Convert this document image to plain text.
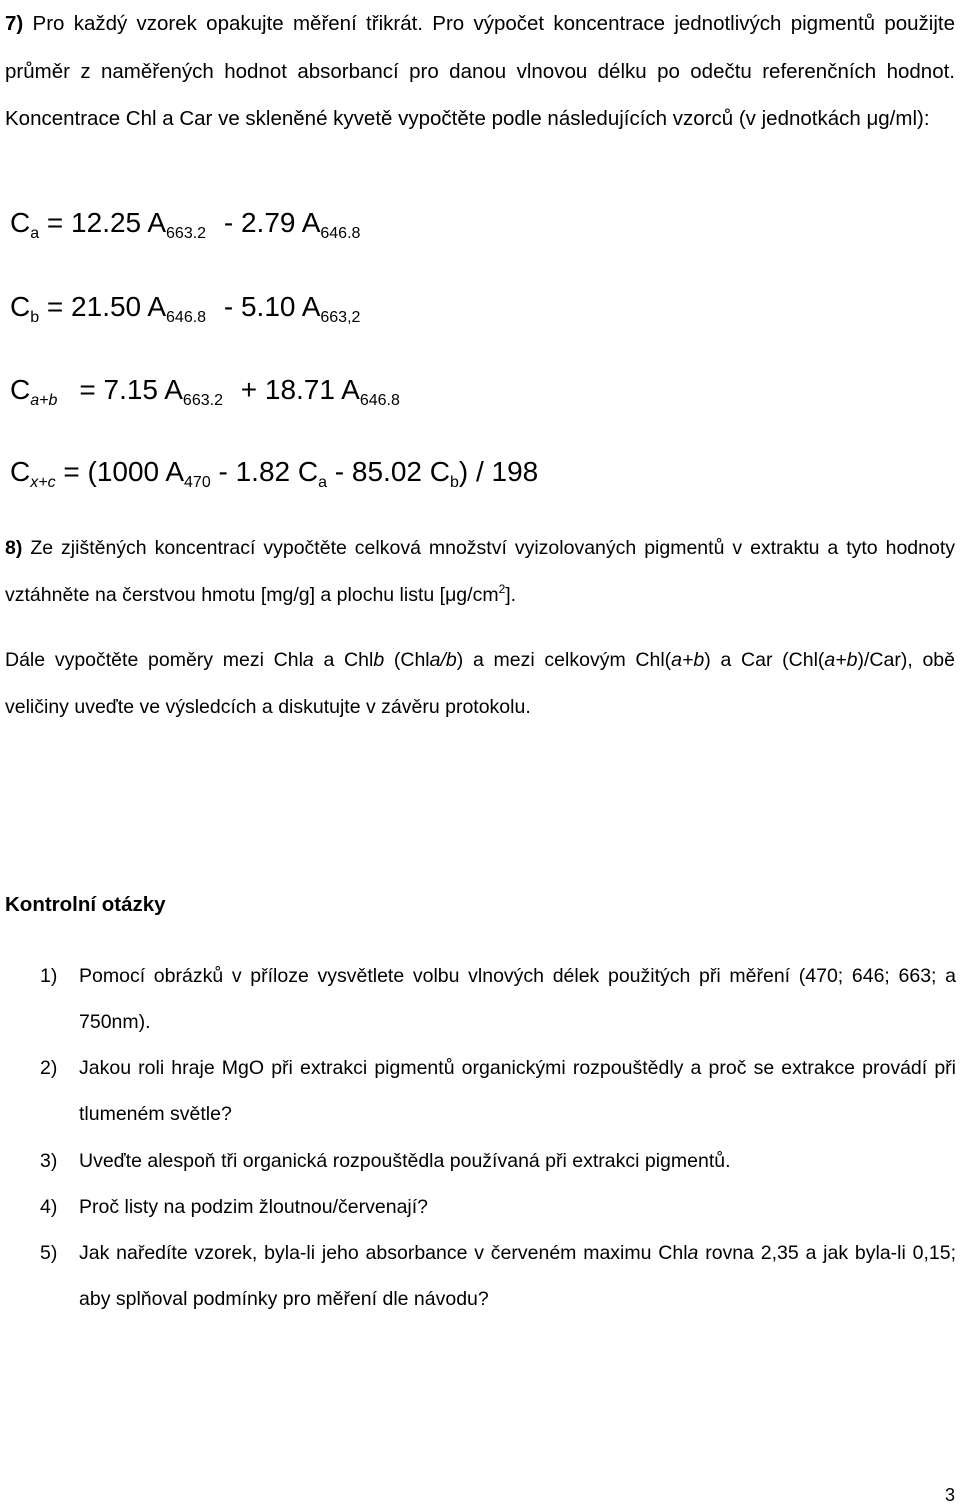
7) Pro každý vzorek opakujte měření třikrát. Pro výpočet koncentrace jednotlivých pigmentů použijte průměr z naměřených hodnot absorbancí pro danou vlnovou délku po odečtu referenčních hodnot. Koncentrace Chl a Car ve skleněné kyvetě vypočtěte podle následujících vzorců (v jednotkách μg/ml):

$C_a = 12.25$ $A_{663.2} - 2.79$ $A_{646.8}$
$C_b = 21.50$ $A_{646.8} - 5.10$ $A_{663,2}$
$C_{a+b} = 7.15$ $A_{663.2} + 18.71$ $A_{646.8}$
$C_{x+c} = (1000$ $A_{470} - 1.82$ $C_a - 85.02$ $C_b) / 198$

8) Ze zjištěných koncentrací vypočtěte celková množství vyizolovaných pigmentů v extraktu a tyto hodnoty vztáhněte na čerstvou hmotu [mg/g] a plochu listu $[\mu g/cm^2]$.

Dále vypočtěte poměry mezi Chla a Chlb (Chla/b) a mezi celkovým Chl(a+b) a Car (Chl(a+b)/Car), obě veličiny uveďte ve výsledcích a diskutujte v závěru protokolu.

Kontrolní otázky
1) Pomocí obrázků v příloze vysvětlete volbu vlnových délek použitých při měření (470; 646; 663; a 750nm).
2) Jakou roli hraje MgO při extrakci pigmentů organickými rozpouštědly a proč se extrakce provádí při tlumeném světle?
3) Uveďte alespoň tři organická rozpouštědla používaná při extrakci pigmentů.
4) Proč listy na podzim žloutnou/červenají?
5) Jak naředíte vzorek, byla-li jeho absorbance v červeném maximu Chla rovna 2,35 a jak byla-li 0,15; aby splňoval podmínky pro měření dle návodu?
3
